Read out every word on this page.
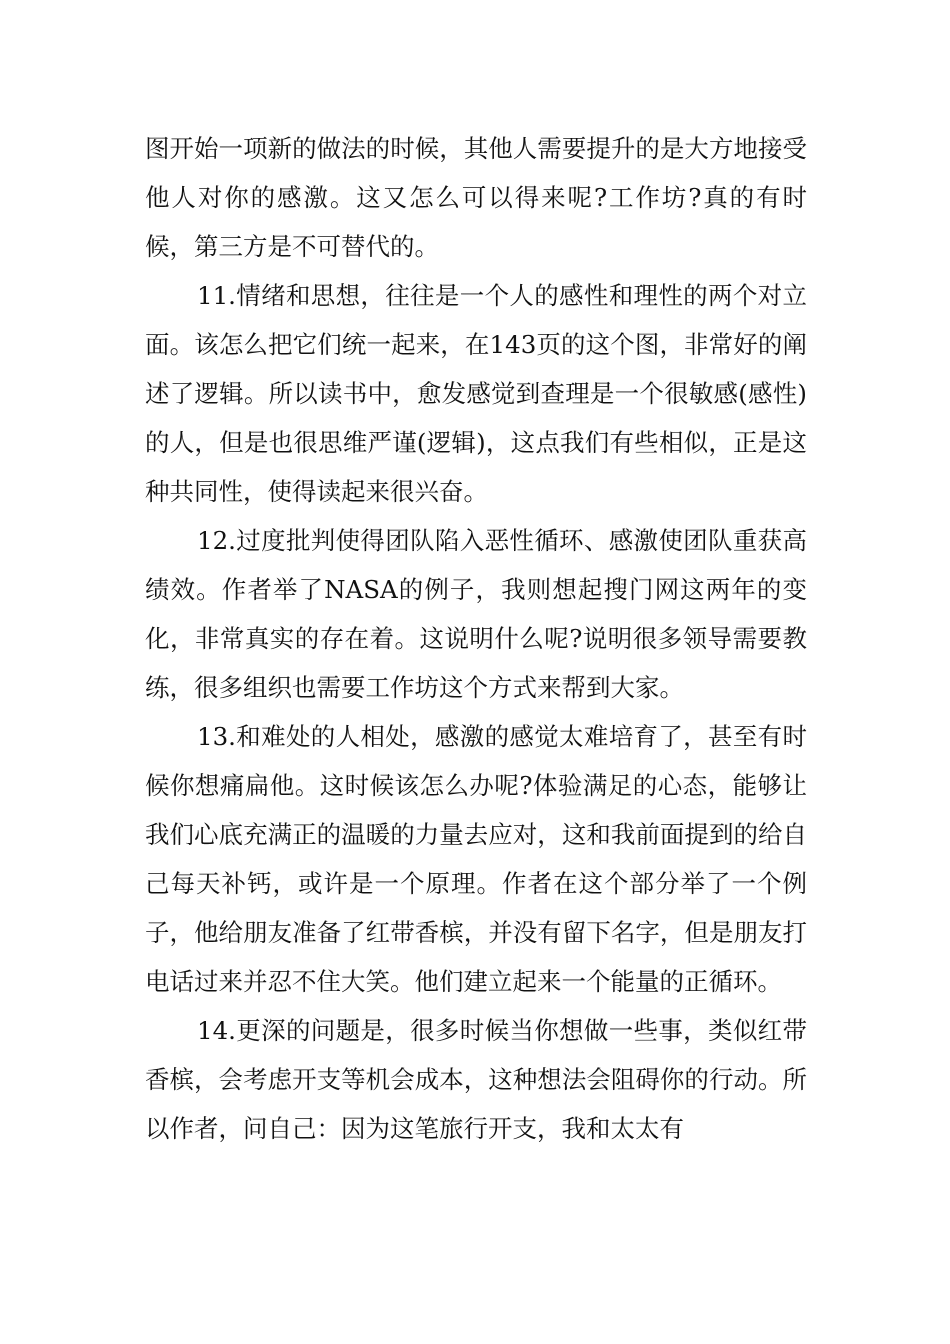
图开始一项新的做法的时候，其他人需要提升的是大方地接受他人对你的感激。这又怎么可以得来呢?工作坊?真的有时候，第三方是不可替代的。

11.情绪和思想，往往是一个人的感性和理性的两个对立面。该怎么把它们统一起来，在143页的这个图，非常好的阐述了逻辑。所以读书中，愈发感觉到查理是一个很敏感(感性)的人，但是也很思维严谨(逻辑)，这点我们有些相似，正是这种共同性，使得读起来很兴奋。

12.过度批判使得团队陷入恶性循环、感激使团队重获高绩效。作者举了NASA的例子，我则想起搜门网这两年的变化，非常真实的存在着。这说明什么呢?说明很多领导需要教练，很多组织也需要工作坊这个方式来帮到大家。

13.和难处的人相处，感激的感觉太难培育了，甚至有时候你想痛扁他。这时候该怎么办呢?体验满足的心态，能够让我们心底充满正的温暖的力量去应对，这和我前面提到的给自己每天补钙，或许是一个原理。作者在这个部分举了一个例子，他给朋友准备了红带香槟，并没有留下名字，但是朋友打电话过来并忍不住大笑。他们建立起来一个能量的正循环。

14.更深的问题是，很多时候当你想做一些事，类似红带香槟，会考虑开支等机会成本，这种想法会阻碍你的行动。所以作者，问自己：因为这笔旅行开支，我和太太有
